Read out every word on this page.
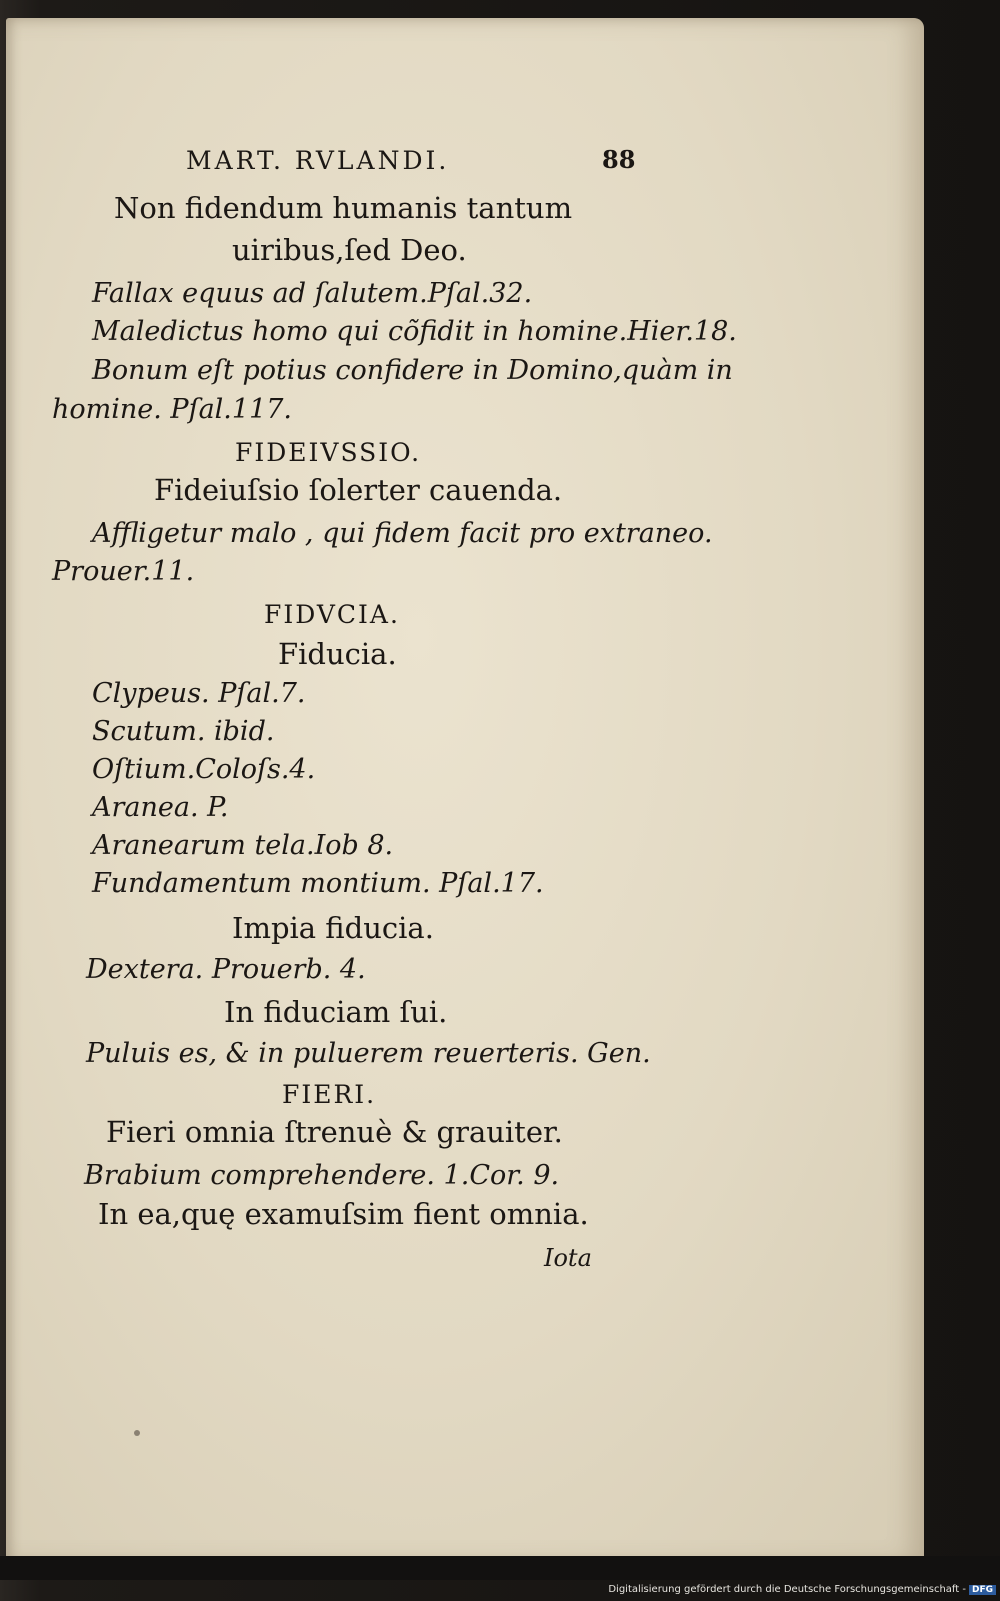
MART. RVLANDI.	88
Non fidendum humanis tantum
uiribus,ſed Deo.
Fallax equus ad ſalutem.Pſal.32.
Maledictus homo qui cõfidit in homine.Hier.18.
Bonum eſt potius confidere in Domino,quàm in
homine. Pſal.117.
FIDEIVSSIO.
Fideiuſsio ſolerter cauenda.
Affligetur malo , qui fidem facit pro extraneo.
Prouer.11.
FIDVCIA.
Fiducia.
Clypeus. Pſal.7.
Scutum. ibid.
Oſtium.Coloſs.4.
Aranea. P.
Aranearum tela.Iob 8.
Fundamentum montium. Pſal.17.
Impia fiducia.
Dextera. Prouerb. 4.
In fiduciam ſui.
Puluis es, & in puluerem reuerteris. Gen.
FIERI.
Fieri omnia ſtrenuè & grauiter.
Brabium comprehendere. 1.Cor. 9.
In ea,quę examuſsim fient omnia.
Iota
Digitalisierung gefördert durch die Deutsche Forschungsgemeinschaft - DFG
